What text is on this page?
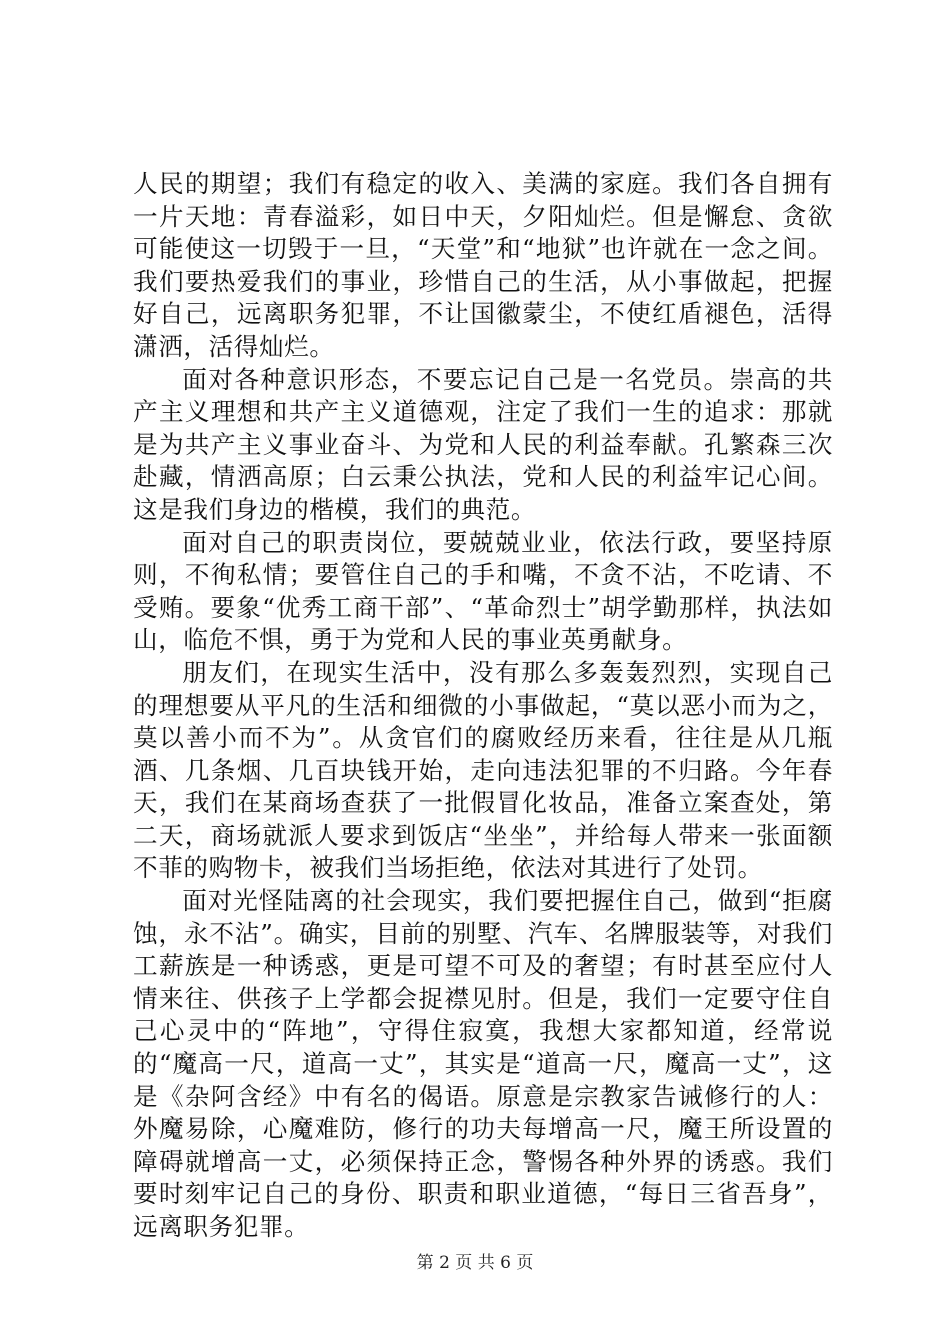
人民的期望；我们有稳定的收入、美满的家庭。我们各自拥有一片天地：青春溢彩，如日中天，夕阳灿烂。但是懈怠、贪欲可能使这一切毁于一旦，“天堂”和“地狱”也许就在一念之间。我们要热爱我们的事业，珍惜自己的生活，从小事做起，把握好自己，远离职务犯罪，不让国徽蒙尘，不使红盾褪色，活得潇洒，活得灿烂。

面对各种意识形态，不要忘记自己是一名党员。崇高的共产主义理想和共产主义道德观，注定了我们一生的追求：那就是为共产主义事业奋斗、为党和人民的利益奉献。孔繁森三次赴藏，情洒高原；白云秉公执法，党和人民的利益牢记心间。这是我们身边的楷模，我们的典范。

面对自己的职责岗位，要兢兢业业，依法行政，要坚持原则，不徇私情；要管住自己的手和嘴，不贪不沾，不吃请、不受贿。要象“优秀工商干部”、“革命烈士”胡学勤那样，执法如山，临危不惧，勇于为党和人民的事业英勇献身。

朋友们，在现实生活中，没有那么多轰轰烈烈，实现自己的理想要从平凡的生活和细微的小事做起，“莫以恶小而为之，莫以善小而不为”。从贪官们的腐败经历来看，往往是从几瓶酒、几条烟、几百块钱开始，走向违法犯罪的不归路。今年春天，我们在某商场查获了一批假冒化妆品，准备立案查处，第二天，商场就派人要求到饭店“坐坐”，并给每人带来一张面额不菲的购物卡，被我们当场拒绝，依法对其进行了处罚。

面对光怪陆离的社会现实，我们要把握住自己，做到“拒腐蚀，永不沾”。确实，目前的别墅、汽车、名牌服装等，对我们工薪族是一种诱惑，更是可望不可及的奢望；有时甚至应付人情来往、供孩子上学都会捉襟见肘。但是，我们一定要守住自己心灵中的“阵地”，守得住寂寞，我想大家都知道，经常说的“魔高一尺，道高一丈”，其实是“道高一尺，魔高一丈”，这是《杂阿含经》中有名的偈语。原意是宗教家告诫修行的人：外魔易除，心魔难防，修行的功夫每增高一尺，魔王所设置的障碍就增高一丈，必须保持正念，警惕各种外界的诱惑。我们要时刻牢记自己的身份、职责和职业道德，“每日三省吾身”，远离职务犯罪。

第 2 页 共 6 页
